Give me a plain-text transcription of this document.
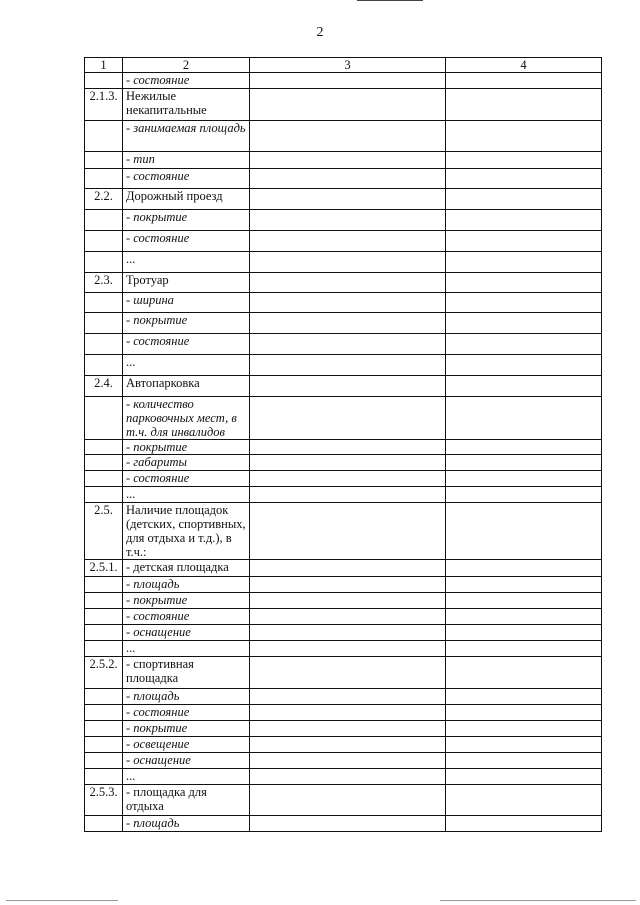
2
1	2	3	4
	- состояние		
2.1.3.	Нежилые некапитальные		
	- занимаемая площадь		
	- тип		
	- состояние		
2.2.	Дорожный проезд		
	- покрытие		
	- состояние		
	...		
2.3.	Тротуар		
	- ширина		
	- покрытие		
	- состояние		
	...		
2.4.	Автопарковка		
	- количество парковочных мест, в т.ч. для инвалидов		
	- покрытие		
	- габариты		
	- состояние		
	...		
2.5.	Наличие площадок (детских, спортивных, для отдыха и т.д.), в т.ч.:		
2.5.1.	- детская площадка		
	- площадь		
	- покрытие		
	- состояние		
	- оснащение		
	...		
2.5.2.	- спортивная площадка		
	- площадь		
	- состояние		
	- покрытие		
	- освещение		
	- оснащение		
	...		
2.5.3.	- площадка для отдыха		
	- площадь		
